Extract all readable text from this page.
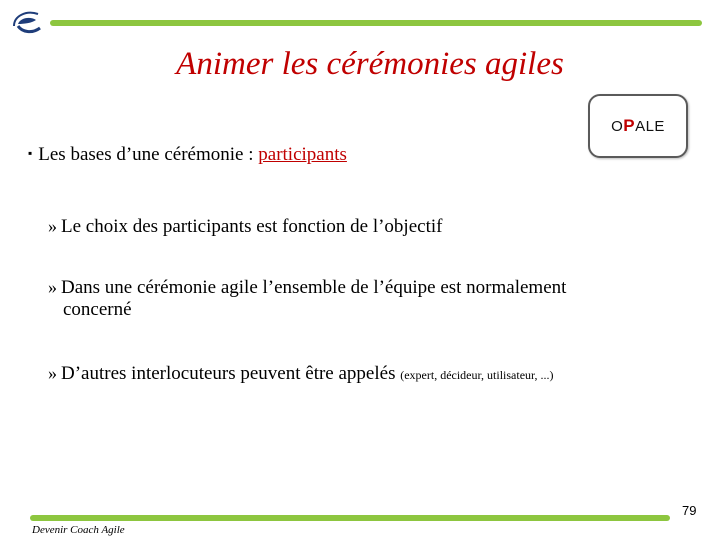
Animer les cérémonies agiles
OPALE
▪ Les bases d’une cérémonie : participants
» Le choix des participants est fonction de l’objectif
» Dans une cérémonie agile l’ensemble de l’équipe est normalement
concerné
» D’autres interlocuteurs peuvent être appelés (expert, décideur, utilisateur, ...)
79
Devenir Coach Agile
